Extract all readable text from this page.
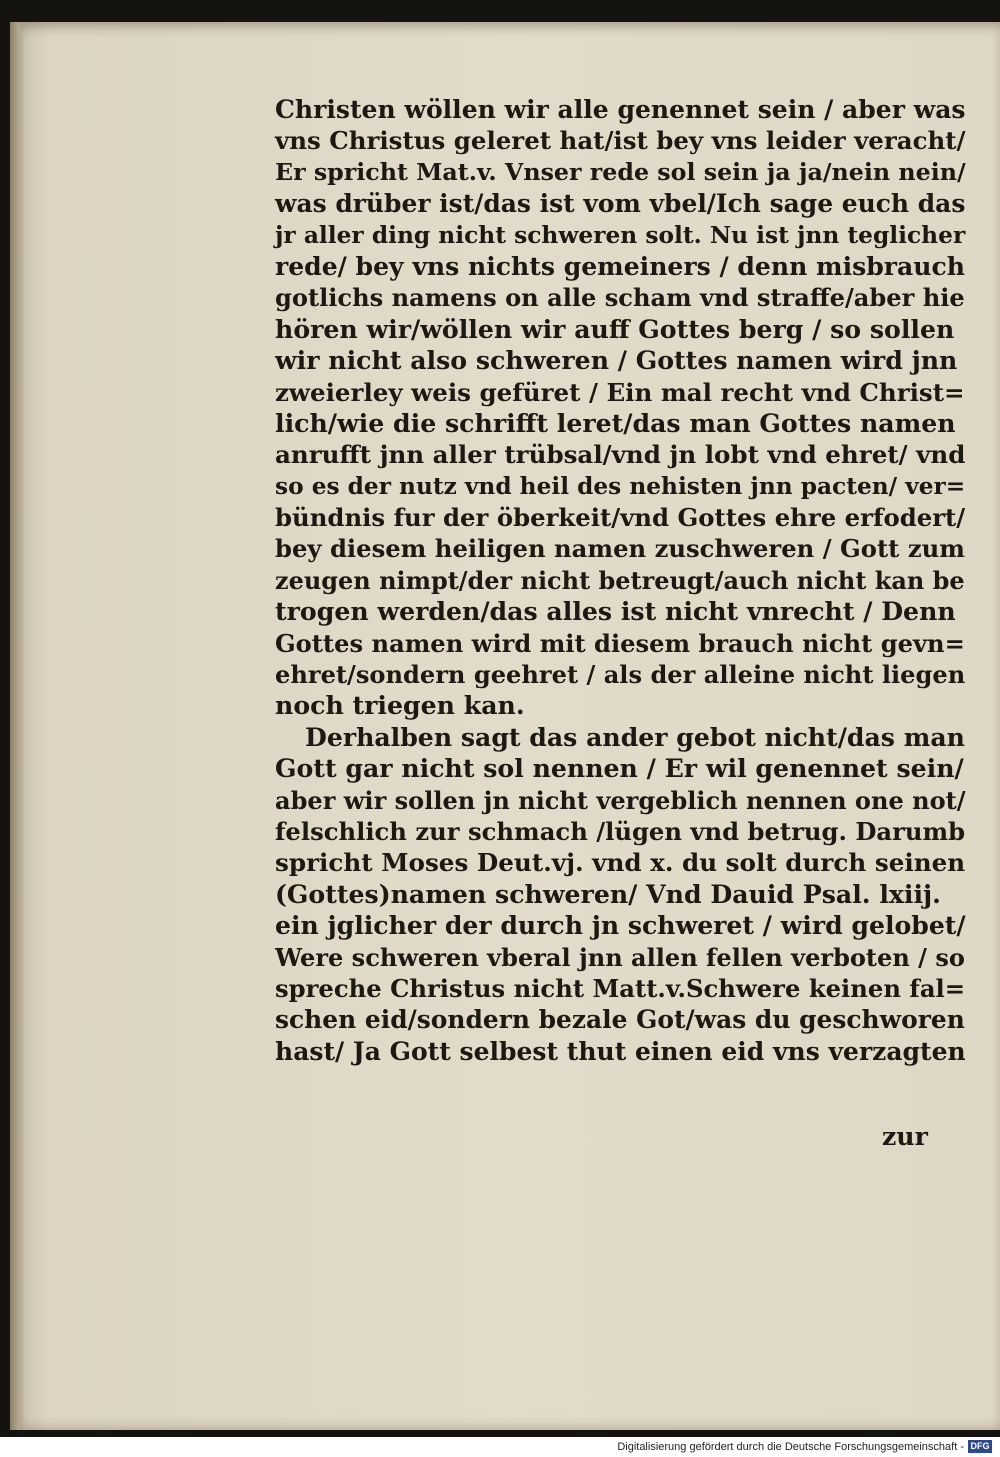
Christen wöllen wir alle genennet sein / aber was
vns Christus geleret hat/ist bey vns leider veracht/
Er spricht Mat.v. Vnser rede sol sein ja ja/nein nein/
was drüber ist/das ist vom vbel/Ich sage euch das
jr aller ding nicht schweren solt. Nu ist jnn teglicher
rede/ bey vns nichts gemeiners / denn misbrauch
gotlichs namens on alle scham vnd straffe/aber hie
hören wir/wöllen wir auff Gottes berg / so sollen
wir nicht also schweren / Gottes namen wird jnn
zweierley weis gefüret / Ein mal recht vnd Christ=
lich/wie die schrifft leret/das man Gottes namen
anrufft jnn aller trübsal/vnd jn lobt vnd ehret/ vnd
so es der nutz vnd heil des nehisten jnn pacten/ ver=
bündnis fur der öberkeit/vnd Gottes ehre erfodert/
bey diesem heiligen namen zuschweren / Gott zum
zeugen nimpt/der nicht betreugt/auch nicht kan be
trogen werden/das alles ist nicht vnrecht / Denn
Gottes namen wird mit diesem brauch nicht gevn=
ehret/sondern geehret / als der alleine nicht liegen
noch triegen kan.
Derhalben sagt das ander gebot nicht/das man
Gott gar nicht sol nennen / Er wil genennet sein/
aber wir sollen jn nicht vergeblich nennen one not/
felschlich zur schmach /lügen vnd betrug. Darumb
spricht Moses Deut.vj. vnd x. du solt durch seinen
(Gottes)namen schweren/ Vnd Dauid Psal. lxiij.
ein jglicher der durch jn schweret / wird gelobet/
Were schweren vberal jnn allen fellen verboten / so
spreche Christus nicht Matt.v.Schwere keinen fal=
schen eid/sondern bezale Got/was du geschworen
hast/ Ja Gott selbest thut einen eid vns verzagten
zur
Digitalisierung gefördert durch die Deutsche Forschungsgemeinschaft - DFG
